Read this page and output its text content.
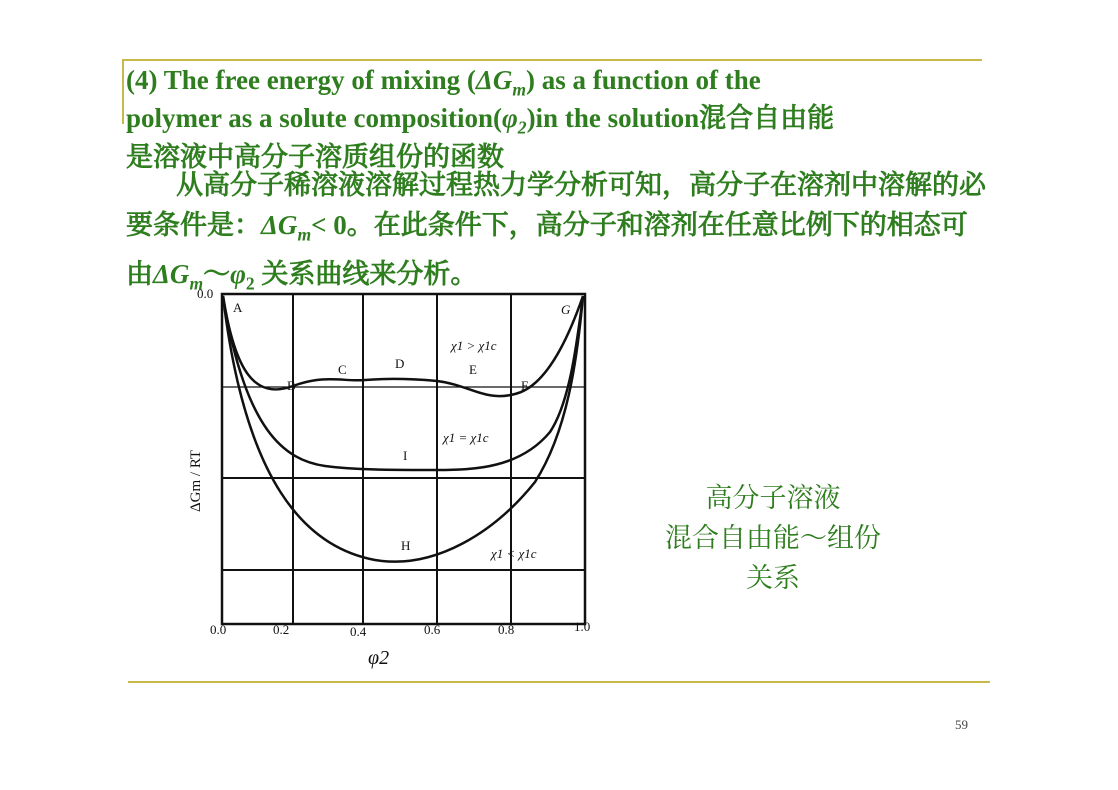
(4) The free energy of mixing $(\Delta G_m)$ as a function of the
polymer as a solute $composition(\varphi_2)in$ the solution混合自由能
是溶液中高分子溶质组份的函数

从高分子稀溶液溶解过程热力学分析可知，高分子在溶剂中溶解的必要条件是：$\Delta G_m< 0$。在此条件下，高分子和溶剂在任意比例下的相态可由$\Delta G_m\sim\varphi_2$ 关系曲线来分析。

0.0
ΔGm / RT
0.0	0.2	0.4	0.6	0.8	1.0
φ2
A
B
C	D	E
F
G
H
I
χ1 > χ1c
χ1 = χ1c
χ1 < χ1c
高分子溶液
混合自由能～组份
关系
59
